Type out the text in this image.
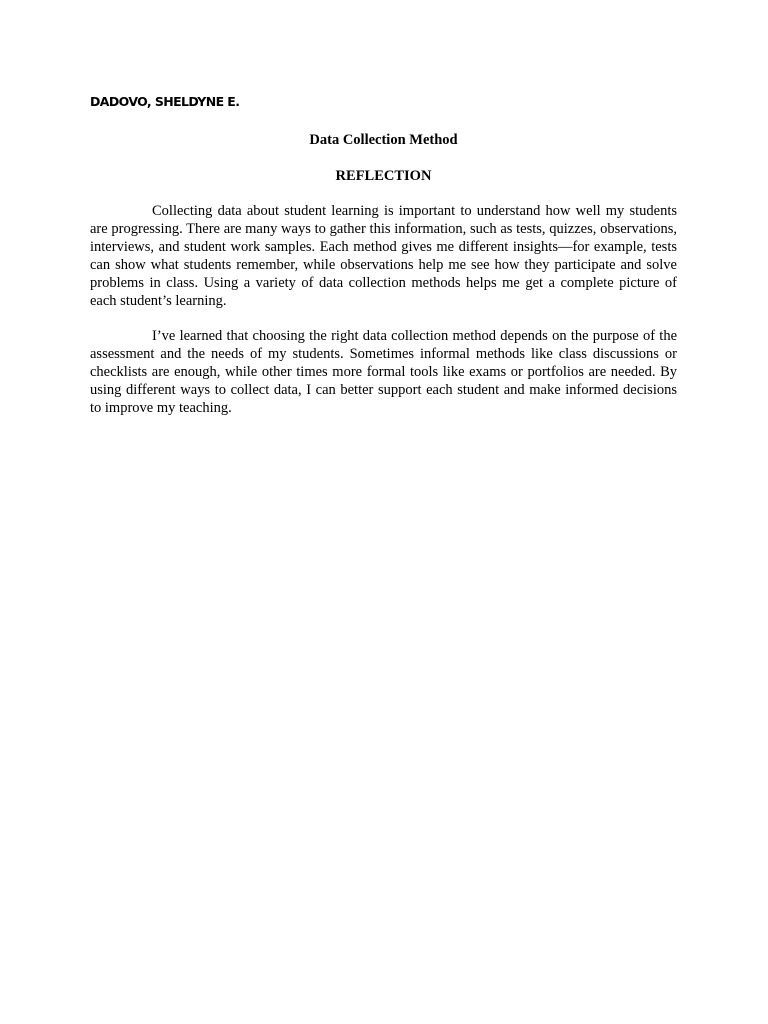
DADOVO, SHELDYNE E.

Data Collection Method
REFLECTION

Collecting data about student learning is important to understand how well my students are progressing. There are many ways to gather this information, such as tests, quizzes, observations, interviews, and student work samples. Each method gives me different insights—for example, tests can show what students remember, while observations help me see how they participate and solve problems in class. Using a variety of data collection methods helps me get a complete picture of each student’s learning.

I’ve learned that choosing the right data collection method depends on the purpose of the assessment and the needs of my students. Sometimes informal methods like class discussions or checklists are enough, while other times more formal tools like exams or portfolios are needed. By using different ways to collect data, I can better support each student and make informed decisions to improve my teaching.
